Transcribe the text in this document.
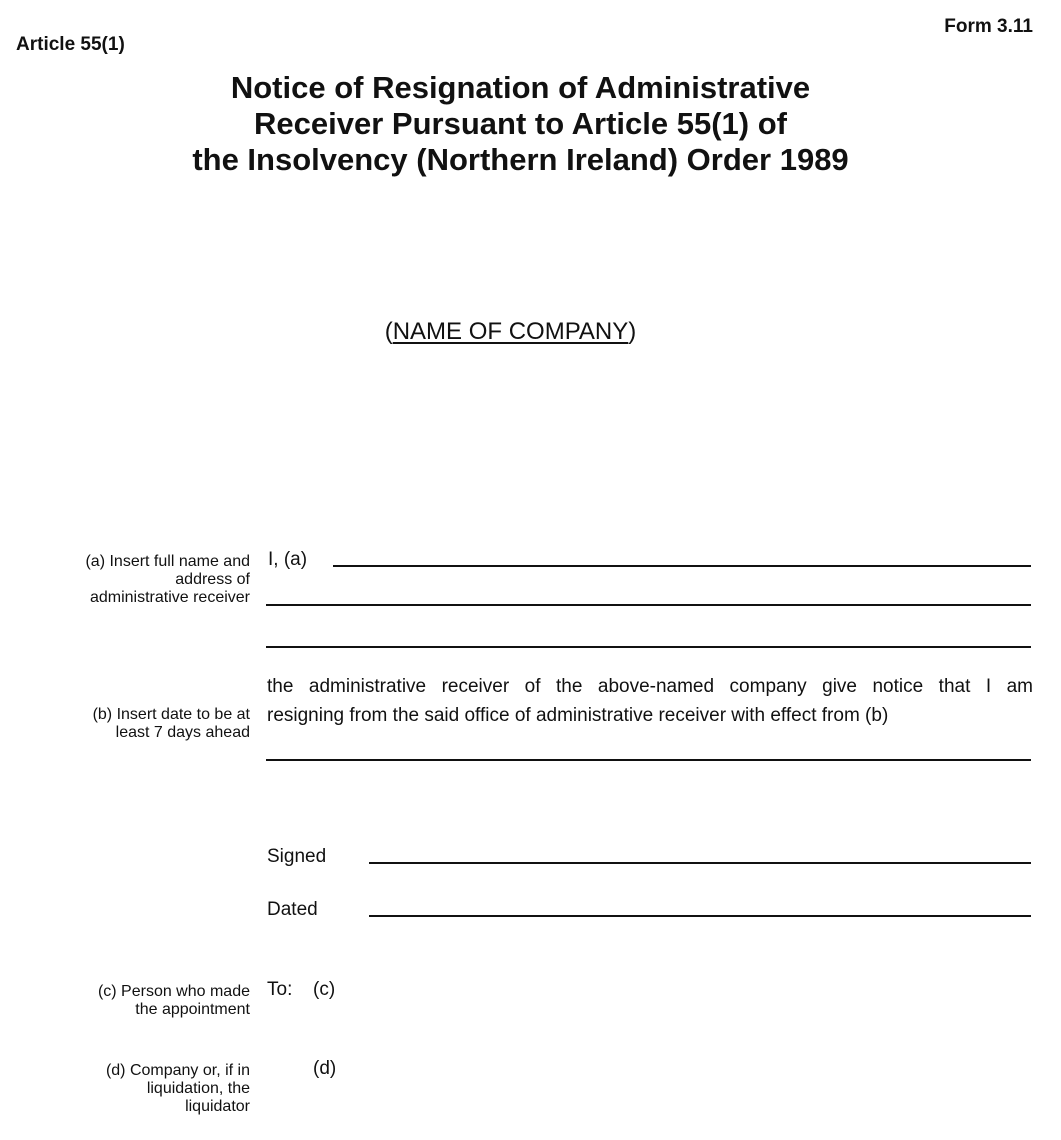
Article 55(1)
Form 3.11
Notice of Resignation of Administrative
Receiver Pursuant to Article 55(1) of
the Insolvency (Northern Ireland) Order 1989
(NAME OF COMPANY)
(a) Insert full name and
address of
administrative receiver
I, (a)
(b) Insert date to be at
least 7 days ahead
the administrative receiver of the above-named company give notice that I am
resigning from the said office of administrative receiver with effect from (b)
Signed
Dated
(c) Person who made
the appointment
To: (c)
(d) Company or, if in
liquidation, the
liquidator
(d)
